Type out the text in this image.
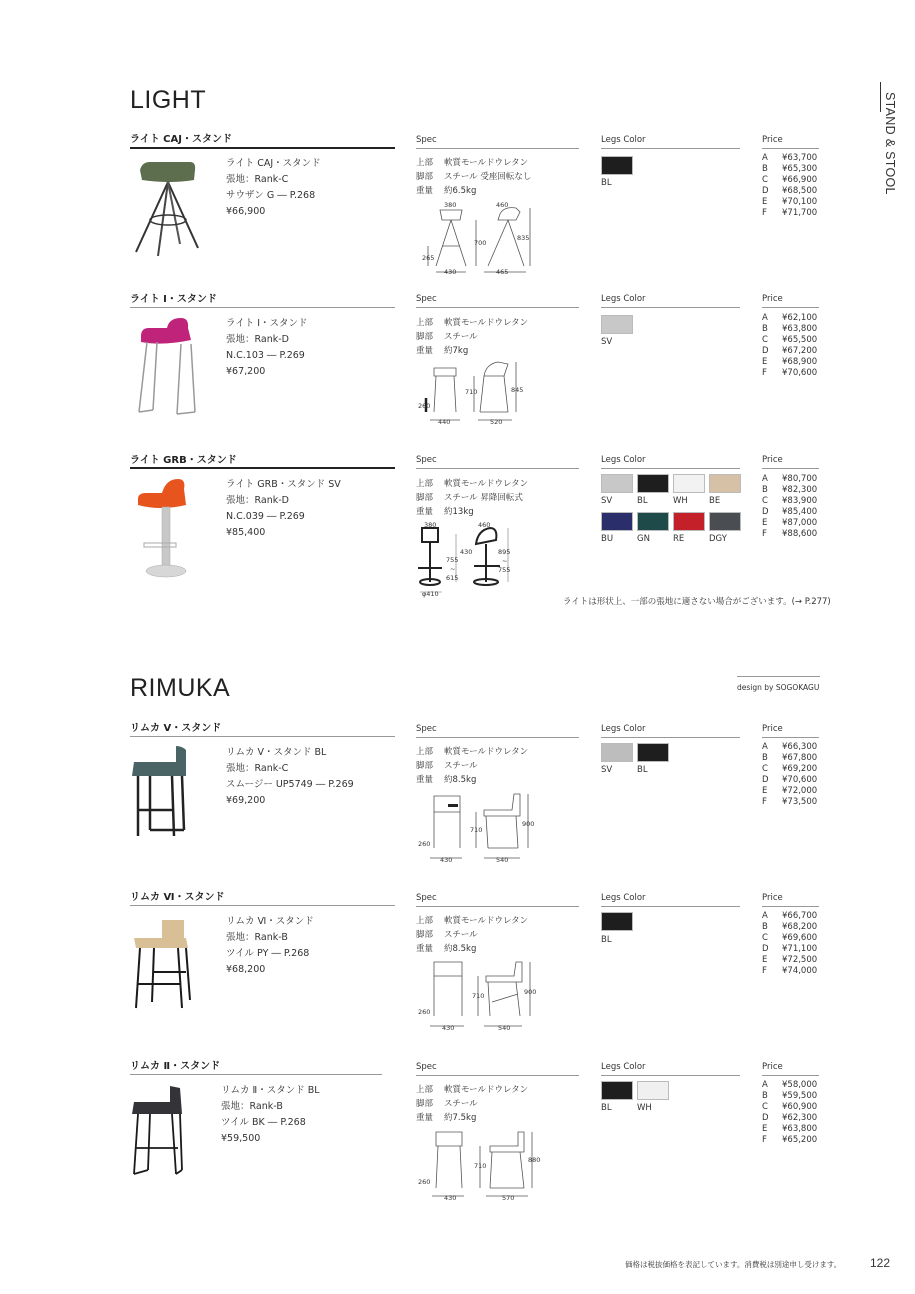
STAND & STOOL
LIGHT
ライト CAJ・スタンド	Spec	Legs Color	Price
ライト CAJ・スタンド
張地：Rank-C
サウザン G ― P.268
¥66,900
上部 軟質モールドウレタン
脚部 スチール 受座回転なし
重量 約6.5kg
380	460
700
835
265
430	465
BL
A ¥63,700
B ¥65,300
C ¥66,900
D ¥68,500
E ¥70,100
F ¥71,700
ライト Ⅰ・スタンド	Spec	Legs Color	Price
ライト Ⅰ・スタンド
張地：Rank-D
N.C.103 ― P.269
¥67,200
上部 軟質モールドウレタン
脚部 スチール
重量 約7kg
710	845
260
440	520
SV
A ¥62,100
B ¥63,800
C ¥65,500
D ¥67,200
E ¥68,900
F ¥70,600
ライト GRB・スタンド	Spec	Legs Color	Price
ライト GRB・スタンド SV
張地：Rank-D
N.C.039 ― P.269
¥85,400
上部 軟質モールドウレタン
脚部 スチール 昇降回転式
重量 約13kg
380	460
430
755
~
615
895
~
755
φ410
SV	BL	WH BE
BU	GN	RE	DGY
A ¥80,700
B ¥82,300
C ¥83,900
D ¥85,400
E ¥87,000
F ¥88,600
ライトは形状上、一部の張地に適さない場合がございます。(→ P.277)
design by SOGOKAGU
RIMUKA
リムカ Ⅴ・スタンド	Spec	Legs Color	Price
リムカ Ⅴ・スタンド BL
張地：Rank-C
スムージー UP5749 ― P.269
¥69,200
上部 軟質モールドウレタン
脚部 スチール
重量 約8.5kg
710
900
260
430	540
SV	BL
A ¥66,300
B ¥67,800
C ¥69,200
D ¥70,600
E ¥72,000
F ¥73,500
リムカ Ⅵ・スタンド	Spec	Legs Color	Price
リムカ Ⅵ・スタンド
張地：Rank-B
ツイル PY ― P.268
¥68,200
上部 軟質モールドウレタン
脚部 スチール
重量 約8.5kg
710	900
260
430	540
BL
A ¥66,700
B ¥68,200
C ¥69,600
D ¥71,100
E ¥72,500
F ¥74,000
リムカ Ⅱ・スタンド	Spec	Legs Color	Price
リムカ Ⅱ・スタンド BL
張地：Rank-B
ツイル BK ― P.268
¥59,500
上部 軟質モールドウレタン
脚部 スチール
重量 約7.5kg
710
880
260
430	570
BL	WH
A ¥58,000
B ¥59,500
C ¥60,900
D ¥62,300
E ¥63,800
F ¥65,200
価格は税抜価格を表記しています。消費税は別途申し受けます。 122
